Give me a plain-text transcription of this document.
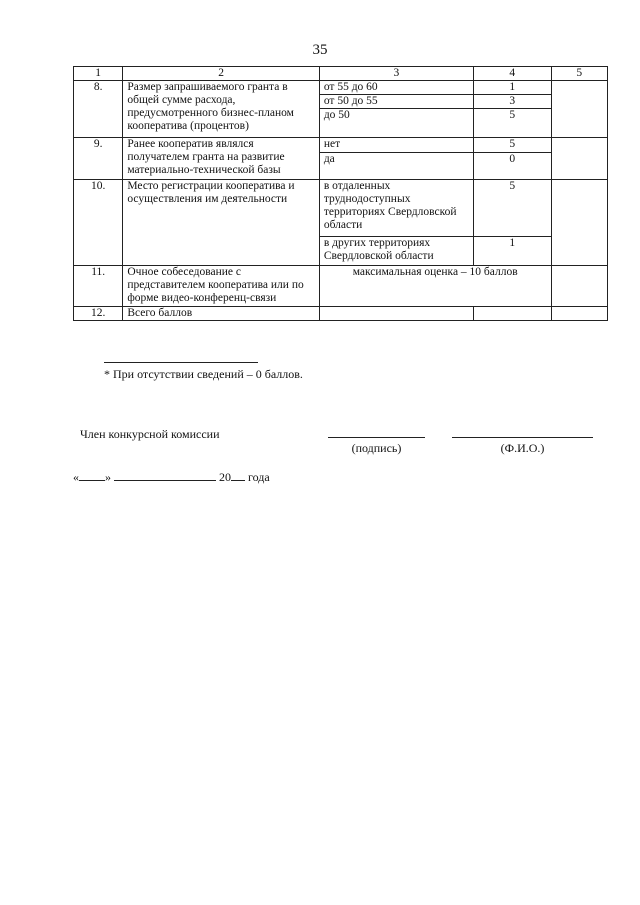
35
1	2	3	4	5
8.	Размер запрашиваемого гранта в общей сумме расхода, предусмотренного бизнес-планом кооператива (процентов)	от 55 до 60	1	
		от 50 до 55	3	
		до 50	5	
9.	Ранее кооператив являлся получателем гранта на развитие материально-технической базы	нет	5	
		да	0	
10.	Место регистрации кооператива и осуществления им деятельности	в отдаленных труднодоступных территориях Свердловской области	5	
		в других территориях Свердловской области	1	
11.	Очное собеседование с представителем кооператива или по форме видео-конференц-связи	максимальная оценка – 10 баллов		
12.	Всего баллов			
* При отсутствии сведений – 0 баллов.
Член конкурсной комиссии
(подпись)	(Ф.И.О.)
« »	20 года
